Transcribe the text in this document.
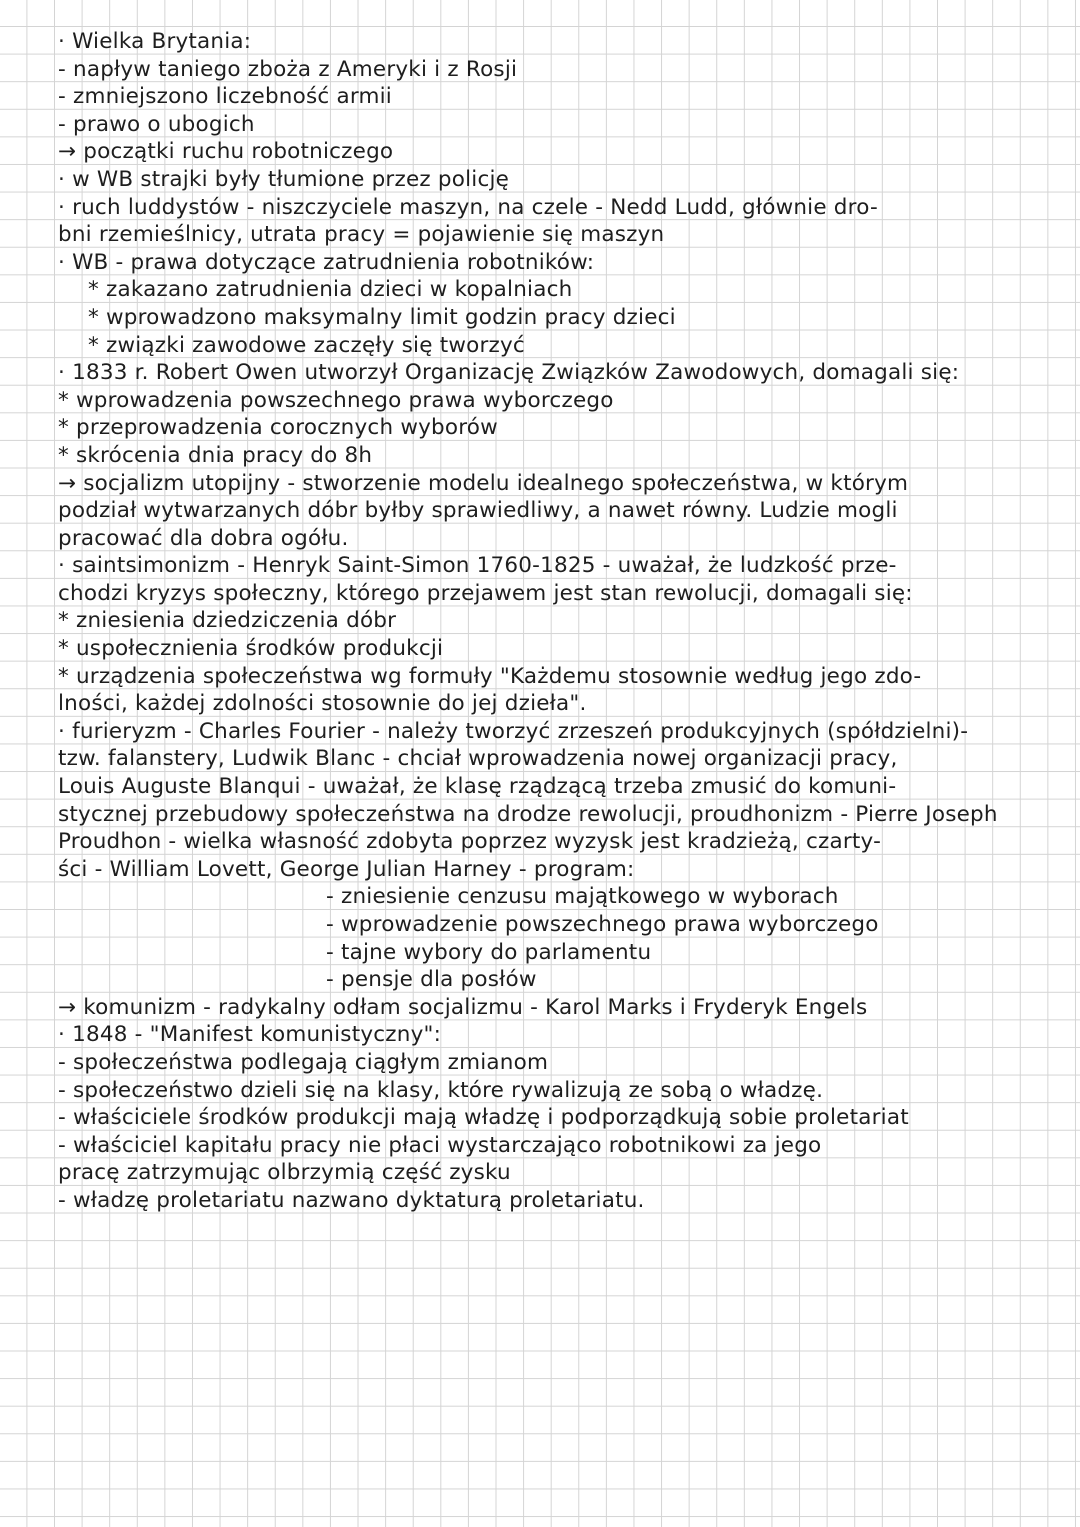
· Wielka Brytania:
- napływ taniego zboża z Ameryki i z Rosji
- zmniejszono liczebność armii
- prawo o ubogich
→ początki ruchu robotniczego
· w WB strajki były tłumione przez policję
· ruch luddystów - niszczyciele maszyn, na czele - Nedd Ludd, głównie dro-
bni rzemieślnicy, utrata pracy = pojawienie się maszyn
· WB - prawa dotyczące zatrudnienia robotników:
* zakazano zatrudnienia dzieci w kopalniach
* wprowadzono maksymalny limit godzin pracy dzieci
* związki zawodowe zaczęły się tworzyć
· 1833 r. Robert Owen utworzył Organizację Związków Zawodowych, domagali się:
* wprowadzenia powszechnego prawa wyborczego
* przeprowadzenia corocznych wyborów
* skrócenia dnia pracy do 8h
→ socjalizm utopijny - stworzenie modelu idealnego społeczeństwa, w którym
podział wytwarzanych dóbr byłby sprawiedliwy, a nawet równy. Ludzie mogli
pracować dla dobra ogółu.
· saintsimonizm - Henryk Saint-Simon 1760-1825 - uważał, że ludzkość prze-
chodzi kryzys społeczny, którego przejawem jest stan rewolucji, domagali się:
* zniesienia dziedziczenia dóbr
* uspołecznienia środków produkcji
* urządzenia społeczeństwa wg formuły "Każdemu stosownie według jego zdo-
lności, każdej zdolności stosownie do jej dzieła".
· furieryzm - Charles Fourier - należy tworzyć zrzeszeń produkcyjnych (spółdzielni)-
tzw. falanstery, Ludwik Blanc - chciał wprowadzenia nowej organizacji pracy,
Louis Auguste Blanqui - uważał, że klasę rządzącą trzeba zmusić do komuni-
stycznej przebudowy społeczeństwa na drodze rewolucji, proudhonizm - Pierre Joseph
Proudhon - wielka własność zdobyta poprzez wyzysk jest kradzieżą, czarty-
ści - William Lovett, George Julian Harney - program:
- zniesienie cenzusu majątkowego w wyborach
- wprowadzenie powszechnego prawa wyborczego
- tajne wybory do parlamentu
- pensje dla posłów
→ komunizm - radykalny odłam socjalizmu - Karol Marks i Fryderyk Engels
· 1848 - "Manifest komunistyczny":
- społeczeństwa podlegają ciągłym zmianom
- społeczeństwo dzieli się na klasy, które rywalizują ze sobą o władzę.
- właściciele środków produkcji mają władzę i podporządkują sobie proletariat
- właściciel kapitału pracy nie płaci wystarczająco robotnikowi za jego
pracę zatrzymując olbrzymią część zysku
- władzę proletariatu nazwano dyktaturą proletariatu.
